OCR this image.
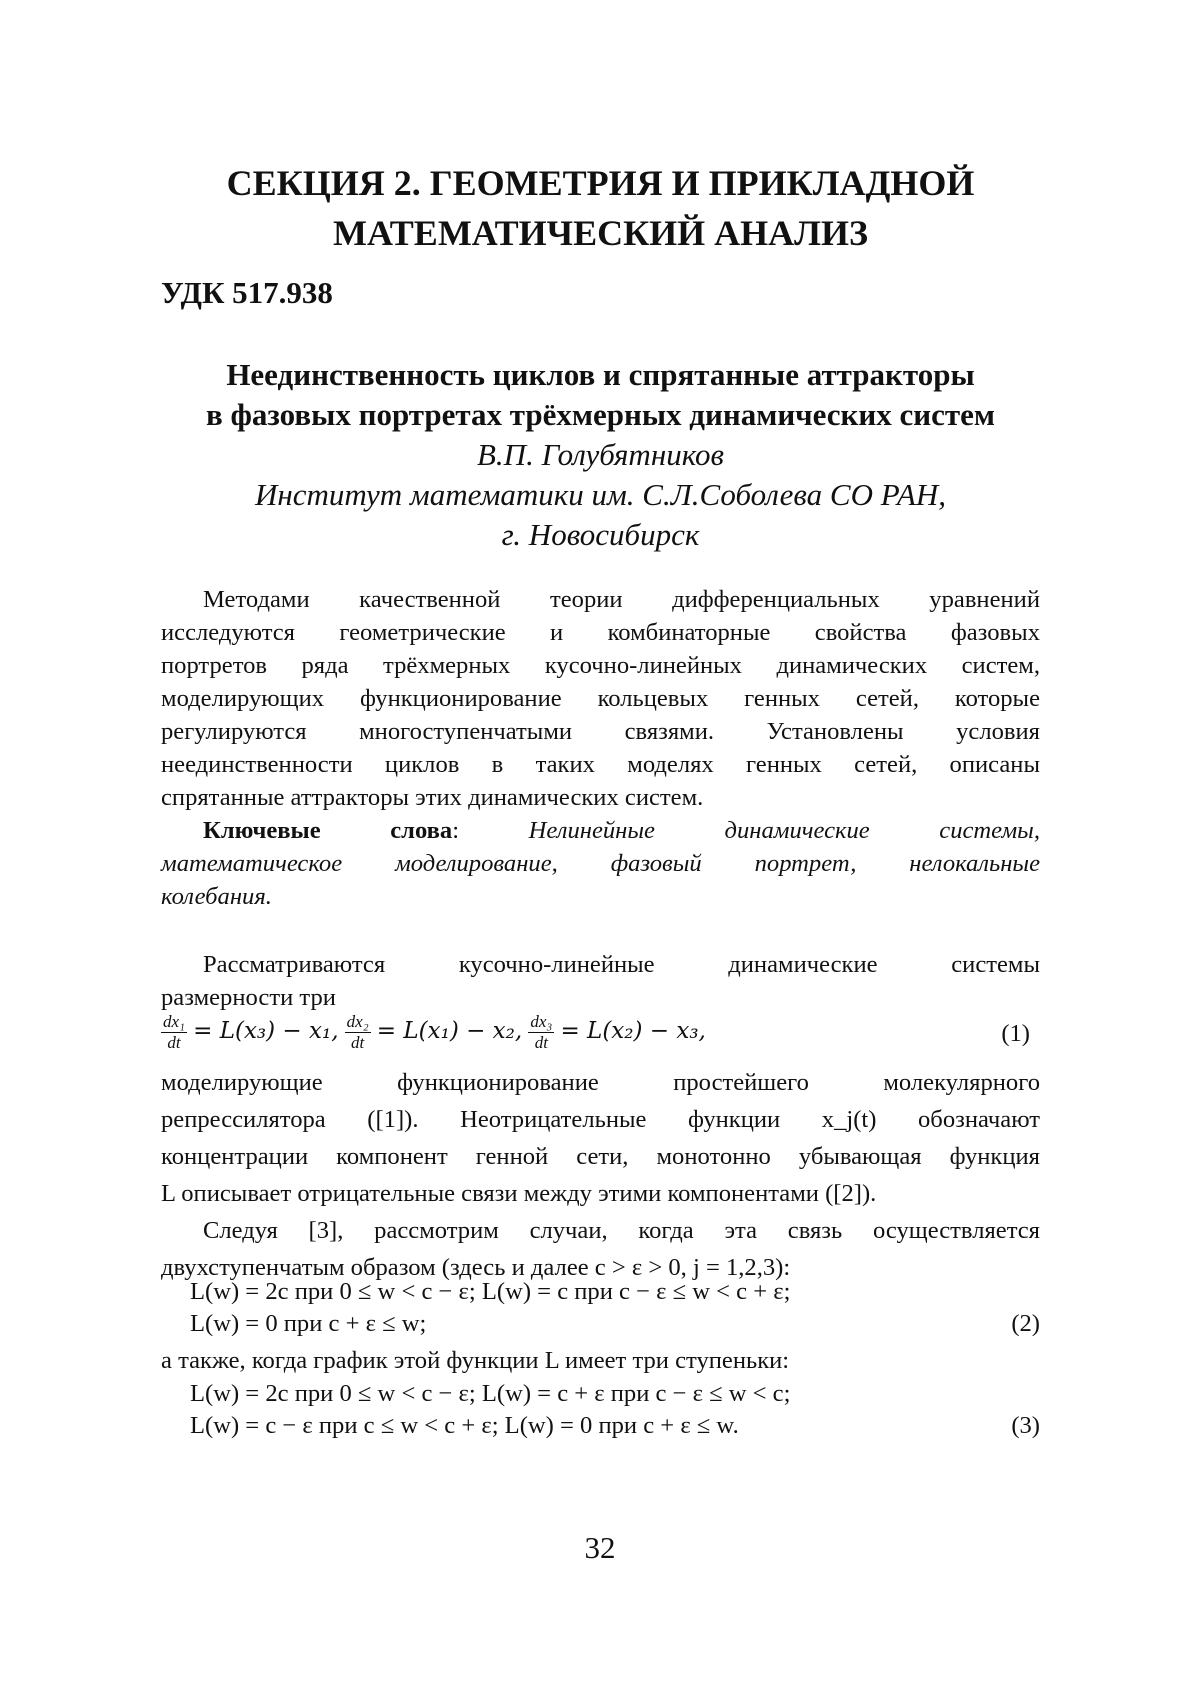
СЕКЦИЯ 2. ГЕОМЕТРИЯ И ПРИКЛАДНОЙ
МАТЕМАТИЧЕСКИЙ АНАЛИЗ
УДК 517.938
Неединственность циклов и спрятанные аттракторы
в фазовых портретах трёхмерных динамических систем
В.П. Голубятников
Институт математики им. С.Л.Соболева СО РАН,
г. Новосибирск
Методами качественной теории дифференциальных уравнений
исследуются геометрические и комбинаторные свойства фазовых
портретов ряда трёхмерных кусочно-линейных динамических систем,
моделирующих функционирование кольцевых генных сетей, которые
регулируются многоступенчатыми связями. Установлены условия
неединственности циклов в таких моделях генных сетей, описаны
спрятанные аттракторы этих динамических систем.
Ключевые слова:	Нелинейные динамические системы,
математическое моделирование, фазовый портрет, нелокальные
колебания.
Рассматриваются кусочно-линейные динамические системы
размерности три
$\frac{\text{dx₁}}{dt} = L(x_3) - x_1$, $\frac{\text{dx₂}}{dt} = L(x_1) - x_2$, $\frac{\text{dx₃}}{dt} = L(x_2) - x_3$,	(1)
моделирующие функционирование простейшего молекулярного
репрессилятора ([1]). Неотрицательные функции x_j(t) обозначают
концентрации компонент генной сети, монотонно убывающая функция
L описывает отрицательные связи между этими компонентами ([2]).
Следуя [3], рассмотрим случаи, когда эта связь осуществляется
двухступенчатым образом (здесь и далее c > ε > 0, j = 1,2,3):
L(w) = 2c при 0 ≤ w < c − ε; L(w) = c при c − ε ≤ w < c + ε;
L(w) = 0 при c + ε ≤ w;	(2)
а также, когда график этой функции L имеет три ступеньки:
L(w) = 2c при 0 ≤ w < c − ε; L(w) = c + ε при c − ε ≤ w < c;
L(w) = c − ε при c ≤ w < c + ε; L(w) = 0 при c + ε ≤ w.	(3)
32
